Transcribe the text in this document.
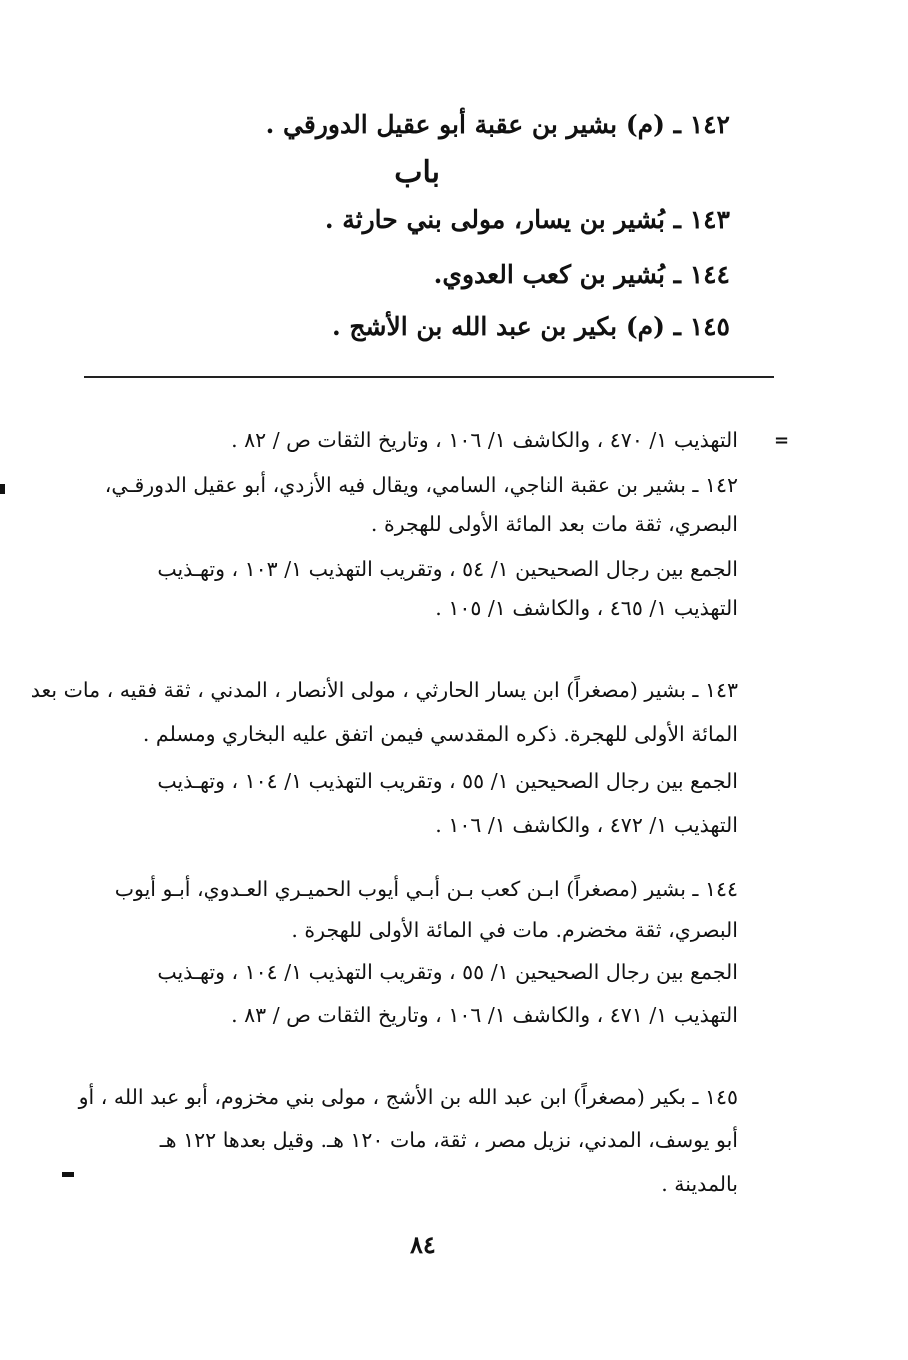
١٤٢ ـ (م) بشير بن عقبة أبو عقيل الدورقي .
باب
١٤٣ ـ بُشير بن يسار، مولى بني حارثة .
١٤٤ ـ بُشير بن كعب العدوي.
١٤٥ ـ (م) بكير بن عبد الله بن الأشج .
=
التهذيب ١/ ٤٧٠ ، والكاشف ١/ ١٠٦ ، وتاريخ الثقات ص / ٨٢ .
١٤٢ ـ بشير بن عقبة الناجي، السامي، ويقال فيه الأزدي، أبو عقيل الدورقـي،
البصري، ثقة مات بعد المائة الأولى للهجرة .
الجمع بين رجال الصحيحين ١/ ٥٤ ، وتقريب التهذيب ١/ ١٠٣ ، وتهـذيب
التهذيب ١/ ٤٦٥ ، والكاشف ١/ ١٠٥ .
١٤٣ ـ بشير (مصغراً) ابن يسار الحارثي ، مولى الأنصار ، المدني ، ثقة فقيه ، مات بعد
المائة الأولى للهجرة. ذكره المقدسي فيمن اتفق عليه البخاري ومسلم .
الجمع بين رجال الصحيحين ١/ ٥٥ ، وتقريب التهذيب ١/ ١٠٤ ، وتهـذيب
التهذيب ١/ ٤٧٢ ، والكاشف ١/ ١٠٦ .
١٤٤ ـ بشير (مصغراً) ابـن كعب بـن أبـي أيوب الحميـري العـدوي، أبـو أيوب
البصري، ثقة مخضرم. مات في المائة الأولى للهجرة .
الجمع بين رجال الصحيحين ١/ ٥٥ ، وتقريب التهذيب ١/ ١٠٤ ، وتهـذيب
التهذيب ١/ ٤٧١ ، والكاشف ١/ ١٠٦ ، وتاريخ الثقات ص / ٨٣ .
١٤٥ ـ بكير (مصغراً) ابن عبد الله بن الأشج ، مولى بني مخزوم، أبو عبد الله ، أو
أبو يوسف، المدني، نزيل مصر ، ثقة، مات ١٢٠ هـ. وقيل بعدها ١٢٢ هـ
بالمدينة .
٨٤
